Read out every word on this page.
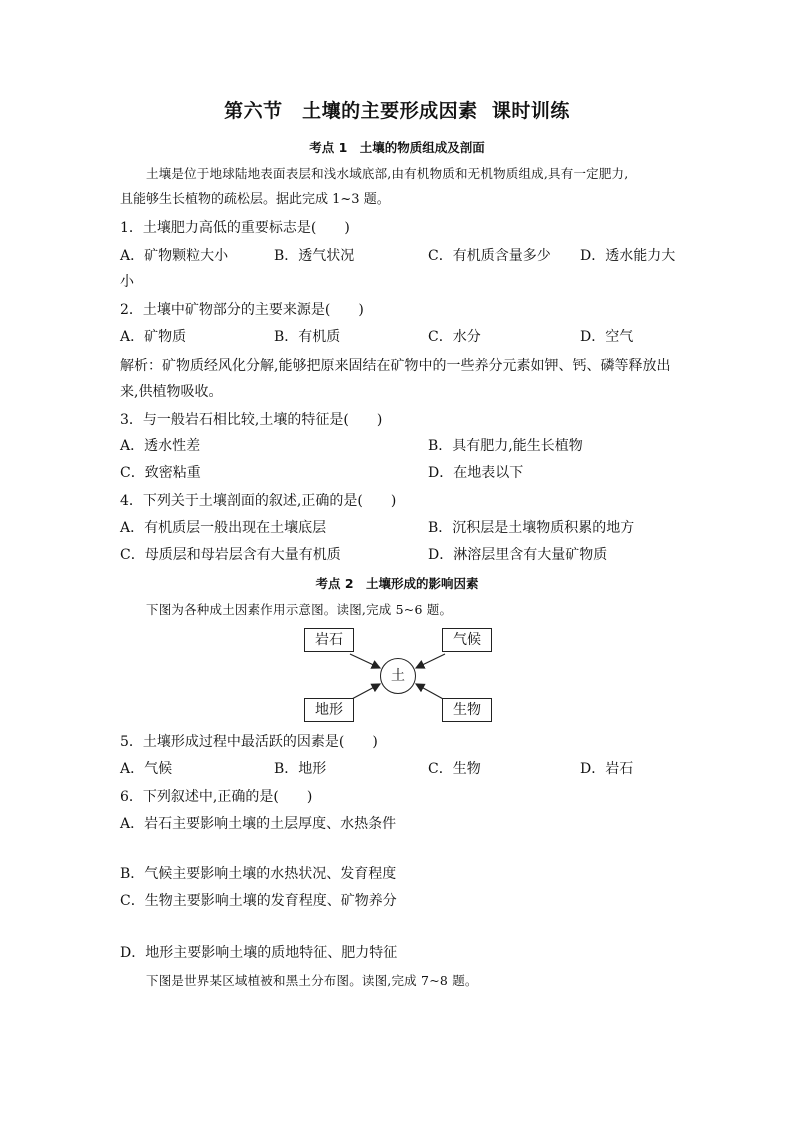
第六节　土壤的主要形成因素  课时训练
考点 1　土壤的物质组成及剖面
土壤是位于地球陆地表面表层和浅水域底部,由有机物质和无机物质组成,具有一定肥力,
且能够生长植物的疏松层。据此完成 1~3 题。
1．土壤肥力高低的重要标志是(　　)
A．矿物颗粒大小	B．透气状况	C．有机质含量多少 D．透水能力大
小
2．土壤中矿物部分的主要来源是(　　)
A．矿物质	B．有机质	C．水分	D．空气
解析：矿物质经风化分解,能够把原来固结在矿物中的一些养分元素如钾、钙、磷等释放出
来,供植物吸收。
3．与一般岩石相比较,土壤的特征是(　　)
A．透水性差	B．具有肥力,能生长植物
C．致密粘重	D．在地表以下
4．下列关于土壤剖面的叙述,正确的是(　　)
A．有机质层一般出现在土壤底层	B．沉积层是土壤物质积累的地方
C．母质层和母岩层含有大量有机质	D．淋溶层里含有大量矿物质
考点 2　土壤形成的影响因素
下图为各种成土因素作用示意图。读图,完成 5~6 题。
岩石	气候
土
地形	生物
5．土壤形成过程中最活跃的因素是(　　)
A．气候	B．地形	C．生物	D．岩石
6．下列叙述中,正确的是(　　)
A．岩石主要影响土壤的土层厚度、水热条件
B．气候主要影响土壤的水热状况、发育程度
C．生物主要影响土壤的发育程度、矿物养分
D．地形主要影响土壤的质地特征、肥力特征
下图是世界某区域植被和黑土分布图。读图,完成 7~8 题。
